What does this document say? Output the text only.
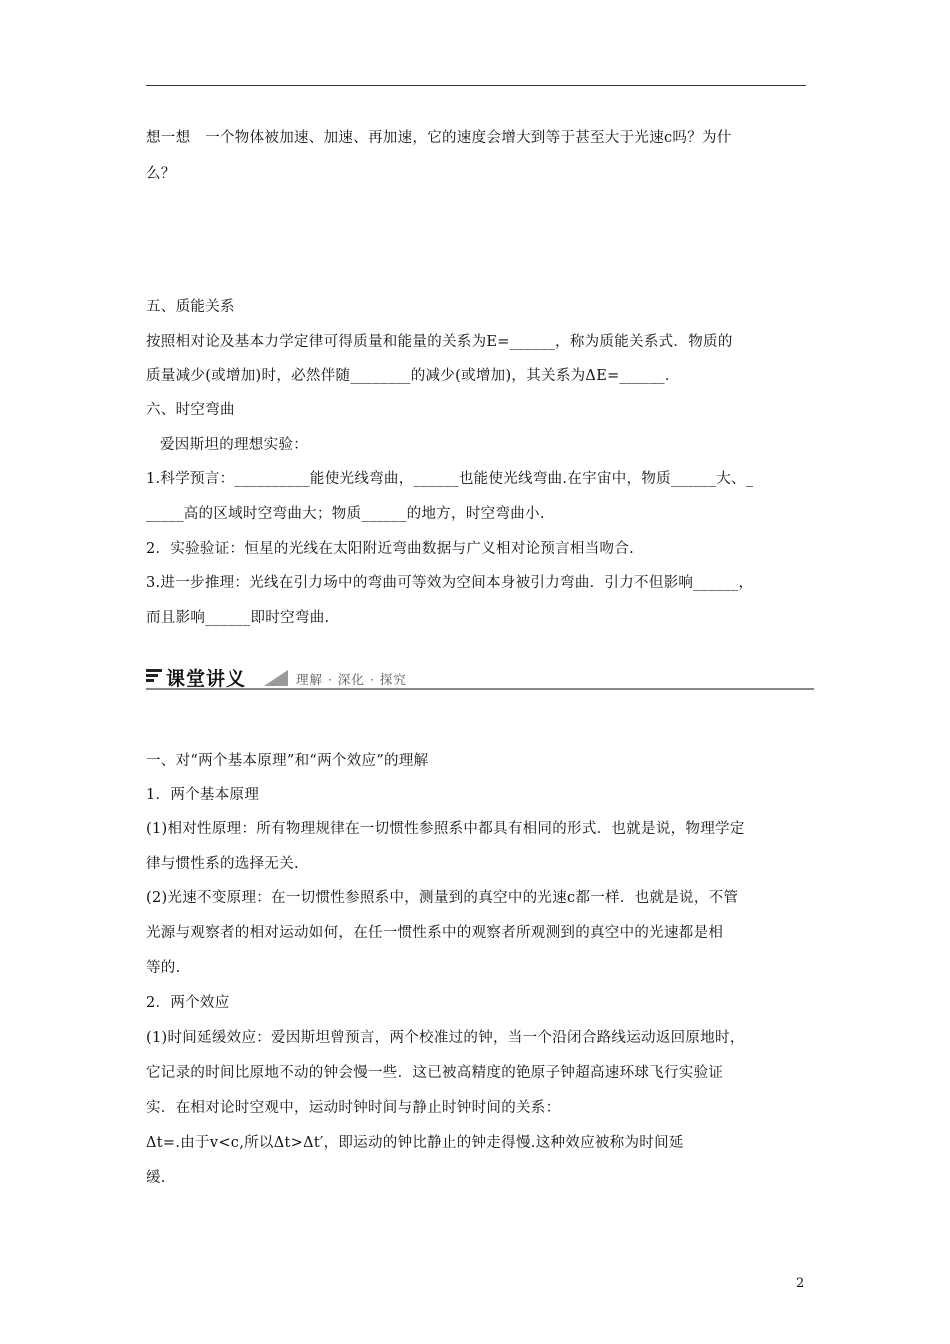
想一想　一个物体被加速、加速、再加速，它的速度会增大到等于甚至大于光速c吗？为什
么？
五、质能关系
按照相对论及基本力学定律可得质量和能量的关系为E=______，称为质能关系式．物质的
质量减少(或增加)时，必然伴随________的减少(或增加)，其关系为ΔE=______．
六、时空弯曲
爱因斯坦的理想实验：
1.科学预言：__________能使光线弯曲，______也能使光线弯曲.在宇宙中，物质______大、_
_____高的区域时空弯曲大；物质______的地方，时空弯曲小.
2．实验验证：恒星的光线在太阳附近弯曲数据与广义相对论预言相当吻合.
3.进一步推理：光线在引力场中的弯曲可等效为空间本身被引力弯曲．引力不但影响______，
而且影响______即时空弯曲.
课堂讲义	理解 · 深化 · 探究
一、对“两个基本原理”和“两个效应”的理解
1．两个基本原理
(1)相对性原理：所有物理规律在一切惯性参照系中都具有相同的形式．也就是说，物理学定
律与惯性系的选择无关.
(2)光速不变原理：在一切惯性参照系中，测量到的真空中的光速c都一样．也就是说，不管
光源与观察者的相对运动如何，在任一惯性系中的观察者所观测到的真空中的光速都是相
等的.
2．两个效应
(1)时间延缓效应：爱因斯坦曾预言，两个校准过的钟，当一个沿闭合路线运动返回原地时，
它记录的时间比原地不动的钟会慢一些．这已被高精度的铯原子钟超高速环球飞行实验证
实．在相对论时空观中，运动时钟时间与静止时钟时间的关系：
Δt=.由于v<c,所以Δt>Δt′，即运动的钟比静止的钟走得慢.这种效应被称为时间延
缓.
2
